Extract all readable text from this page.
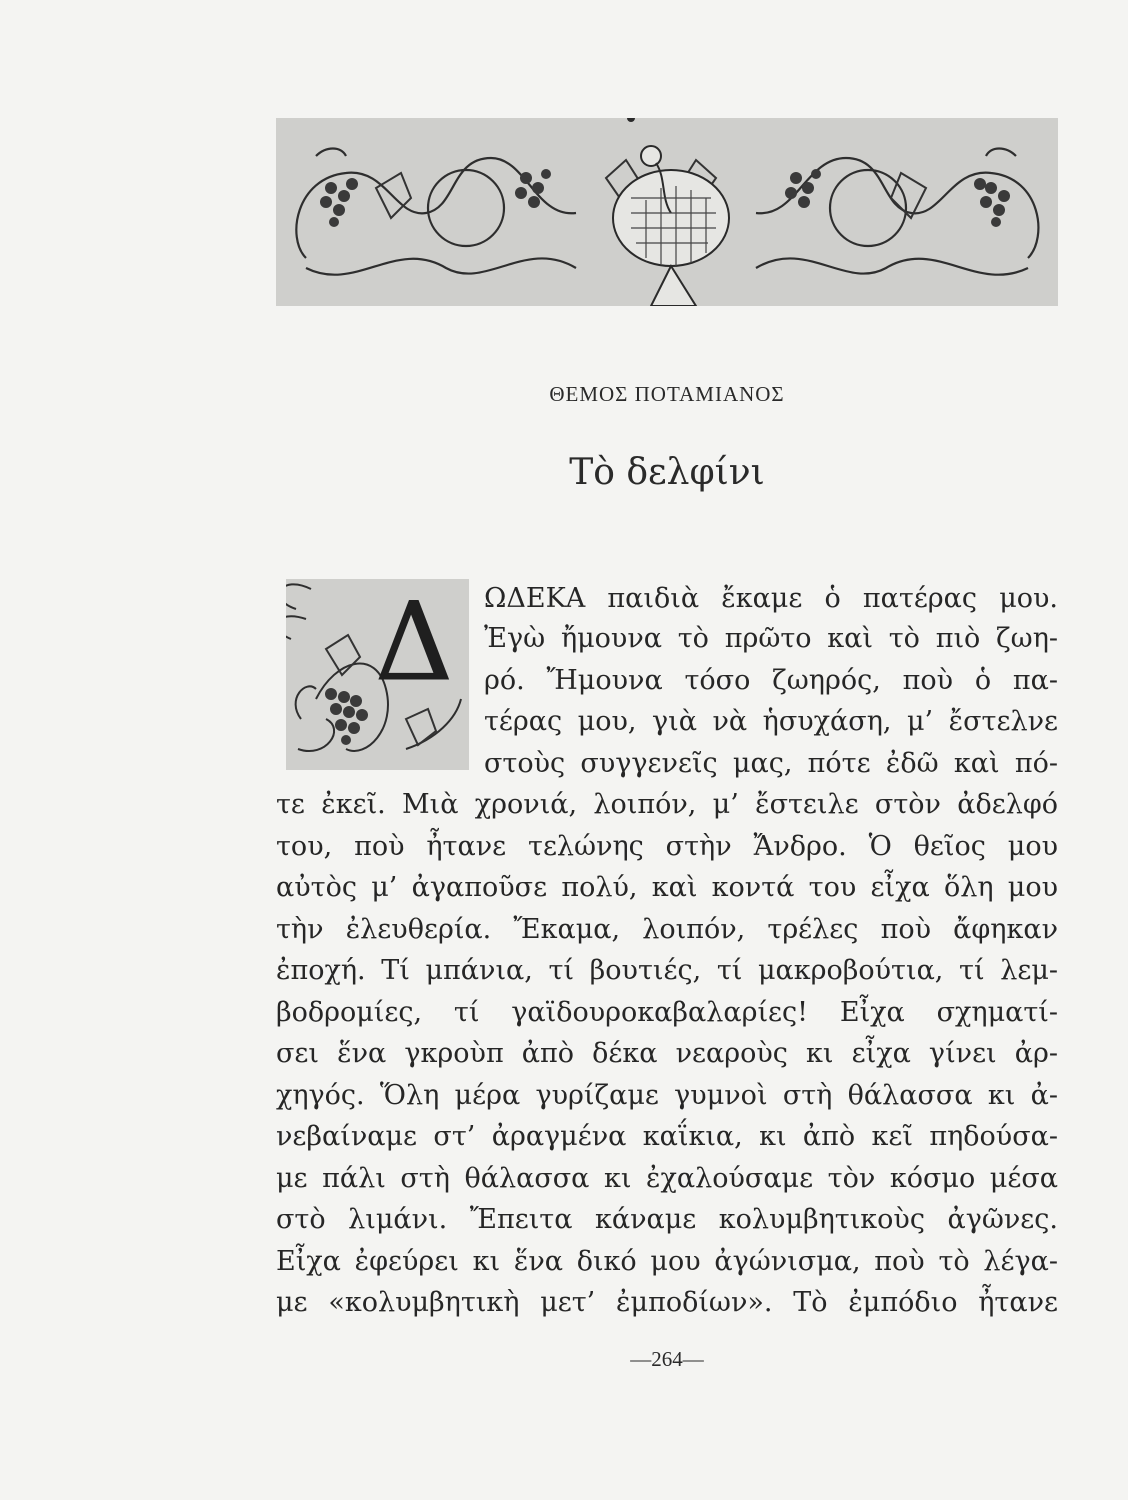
ΘΕΜΟΣ ΠΟΤΑΜΙΑΝΟΣ
Τὸ δελφίνι
Δ ΩΔΕΚΑ παιδιὰ ἔκαμε ὁ πατέρας μου.
Ἐγὼ ἤμουνα τὸ πρῶτο καὶ τὸ πιὸ ζωη-
ρό. Ἤμουνα τόσο ζωηρός, ποὺ ὁ πα-
τέρας μου, γιὰ νὰ ἡσυχάση, μ’ ἔστελνε
στοὺς συγγενεῖς μας, πότε ἐδῶ καὶ πό-
τε ἐκεῖ. Μιὰ χρονιά, λοιπόν, μ’ ἔστειλε στὸν ἀδελφό
του, ποὺ ἦτανε τελώνης στὴν Ἄνδρο. Ὁ θεῖος μου
αὐτὸς μ’ ἀγαποῦσε πολύ, καὶ κοντά του εἶχα ὅλη μου
τὴν ἐλευθερία. Ἔκαμα, λοιπόν, τρέλες ποὺ ἄφηκαν
ἐποχή. Τί μπάνια, τί βουτιές, τί μακροβούτια, τί λεμ-
βοδρομίες, τί γαϊδουροκαβαλαρίες! Εἶχα σχηματί-
σει ἕνα γκροὺπ ἀπὸ δέκα νεαροὺς κι εἶχα γίνει ἀρ-
χηγός. Ὅλη μέρα γυρίζαμε γυμνοὶ στὴ θάλασσα κι ἀ-
νεβαίναμε στ’ ἀραγμένα καΐκια, κι ἀπὸ κεῖ πηδούσα-
με πάλι στὴ θάλασσα κι ἐχαλούσαμε τὸν κόσμο μέσα
στὸ λιμάνι. Ἔπειτα κάναμε κολυμβητικοὺς ἀγῶνες.
Εἶχα ἐφεύρει κι ἕνα δικό μου ἀγώνισμα, ποὺ τὸ λέγα-
με «κολυμβητικὴ μετ’ ἐμποδίων». Τὸ ἐμπόδιο ἦτανε
—264—
